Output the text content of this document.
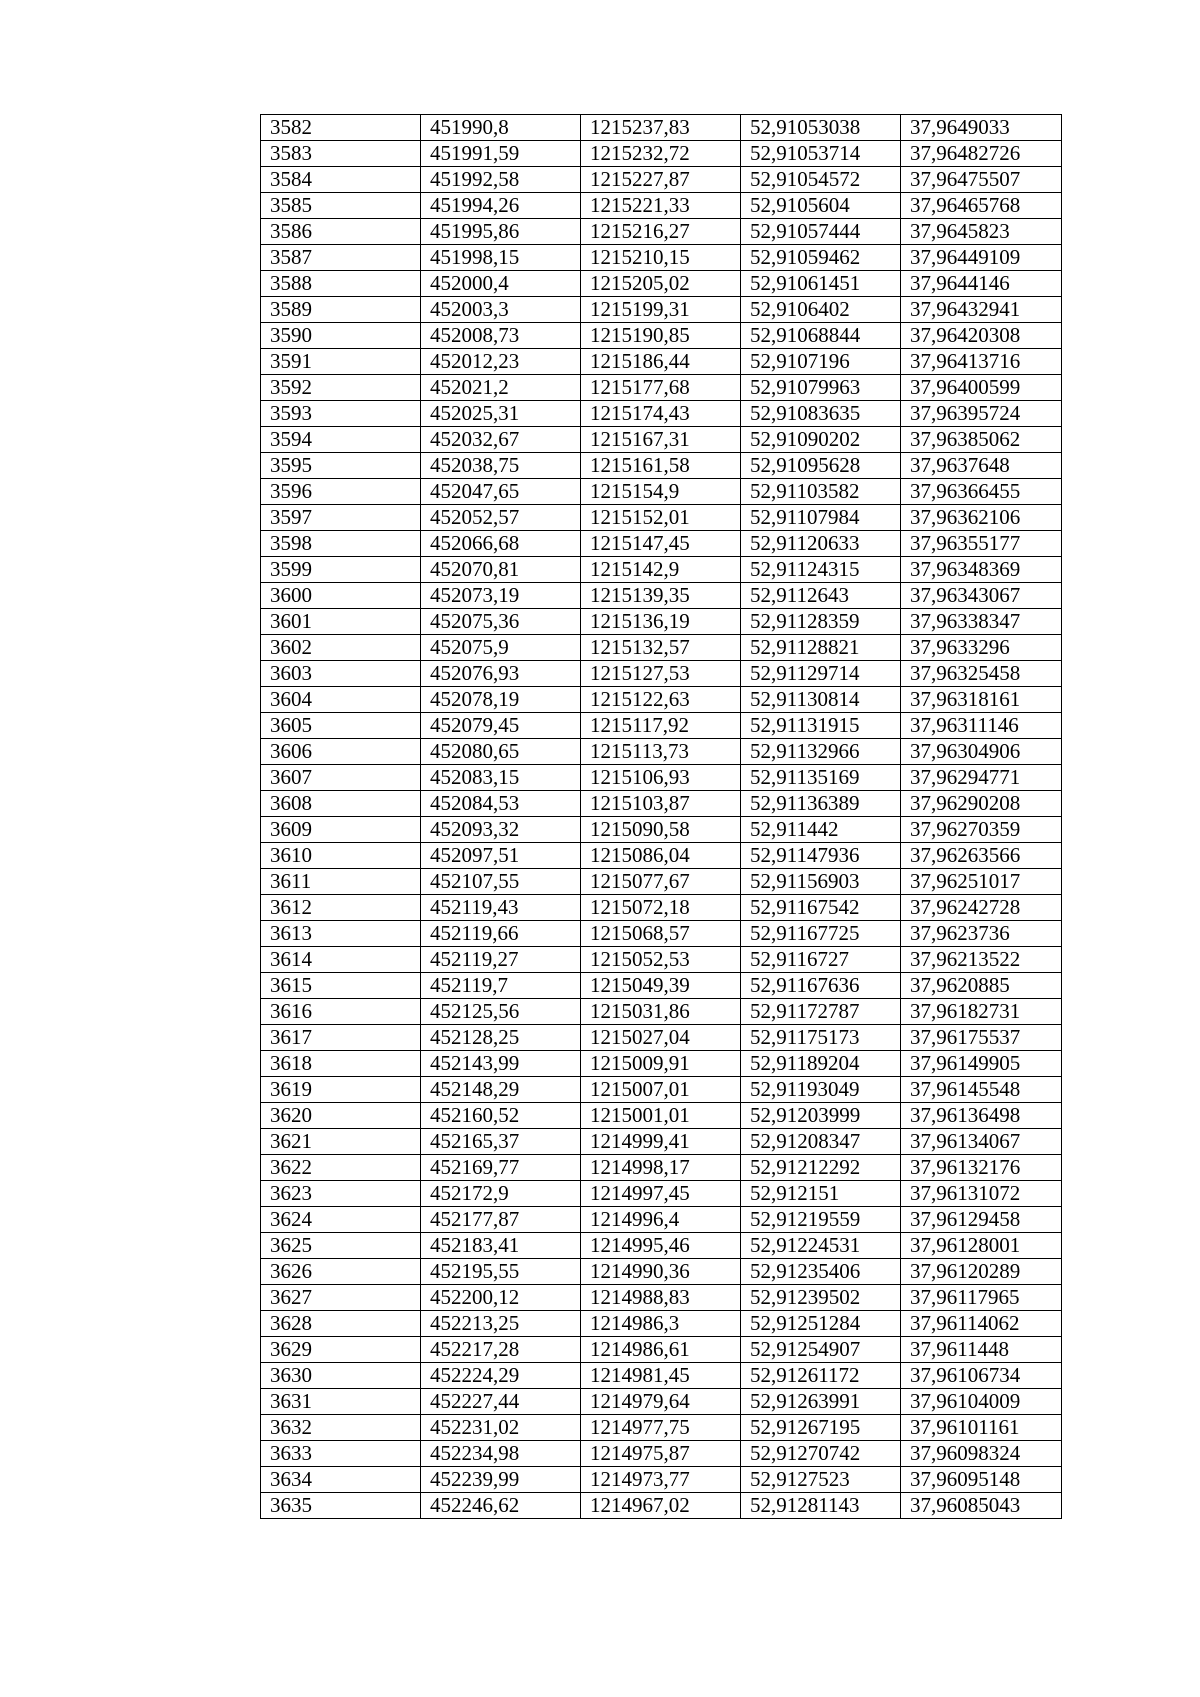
3582	451990,8	1215237,83	52,91053038	37,9649033
3583	451991,59	1215232,72	52,91053714	37,96482726
3584	451992,58	1215227,87	52,91054572	37,96475507
3585	451994,26	1215221,33	52,9105604	37,96465768
3586	451995,86	1215216,27	52,91057444	37,9645823
3587	451998,15	1215210,15	52,91059462	37,96449109
3588	452000,4	1215205,02	52,91061451	37,9644146
3589	452003,3	1215199,31	52,9106402	37,96432941
3590	452008,73	1215190,85	52,91068844	37,96420308
3591	452012,23	1215186,44	52,9107196	37,96413716
3592	452021,2	1215177,68	52,91079963	37,96400599
3593	452025,31	1215174,43	52,91083635	37,96395724
3594	452032,67	1215167,31	52,91090202	37,96385062
3595	452038,75	1215161,58	52,91095628	37,9637648
3596	452047,65	1215154,9	52,91103582	37,96366455
3597	452052,57	1215152,01	52,91107984	37,96362106
3598	452066,68	1215147,45	52,91120633	37,96355177
3599	452070,81	1215142,9	52,91124315	37,96348369
3600	452073,19	1215139,35	52,9112643	37,96343067
3601	452075,36	1215136,19	52,91128359	37,96338347
3602	452075,9	1215132,57	52,91128821	37,9633296
3603	452076,93	1215127,53	52,91129714	37,96325458
3604	452078,19	1215122,63	52,91130814	37,96318161
3605	452079,45	1215117,92	52,91131915	37,96311146
3606	452080,65	1215113,73	52,91132966	37,96304906
3607	452083,15	1215106,93	52,91135169	37,96294771
3608	452084,53	1215103,87	52,91136389	37,96290208
3609	452093,32	1215090,58	52,911442	37,96270359
3610	452097,51	1215086,04	52,91147936	37,96263566
3611	452107,55	1215077,67	52,91156903	37,96251017
3612	452119,43	1215072,18	52,91167542	37,96242728
3613	452119,66	1215068,57	52,91167725	37,9623736
3614	452119,27	1215052,53	52,9116727	37,96213522
3615	452119,7	1215049,39	52,91167636	37,9620885
3616	452125,56	1215031,86	52,91172787	37,96182731
3617	452128,25	1215027,04	52,91175173	37,96175537
3618	452143,99	1215009,91	52,91189204	37,96149905
3619	452148,29	1215007,01	52,91193049	37,96145548
3620	452160,52	1215001,01	52,91203999	37,96136498
3621	452165,37	1214999,41	52,91208347	37,96134067
3622	452169,77	1214998,17	52,91212292	37,96132176
3623	452172,9	1214997,45	52,912151	37,96131072
3624	452177,87	1214996,4	52,91219559	37,96129458
3625	452183,41	1214995,46	52,91224531	37,96128001
3626	452195,55	1214990,36	52,91235406	37,96120289
3627	452200,12	1214988,83	52,91239502	37,96117965
3628	452213,25	1214986,3	52,91251284	37,96114062
3629	452217,28	1214986,61	52,91254907	37,9611448
3630	452224,29	1214981,45	52,91261172	37,96106734
3631	452227,44	1214979,64	52,91263991	37,96104009
3632	452231,02	1214977,75	52,91267195	37,96101161
3633	452234,98	1214975,87	52,91270742	37,96098324
3634	452239,99	1214973,77	52,9127523	37,96095148
3635	452246,62	1214967,02	52,91281143	37,96085043
